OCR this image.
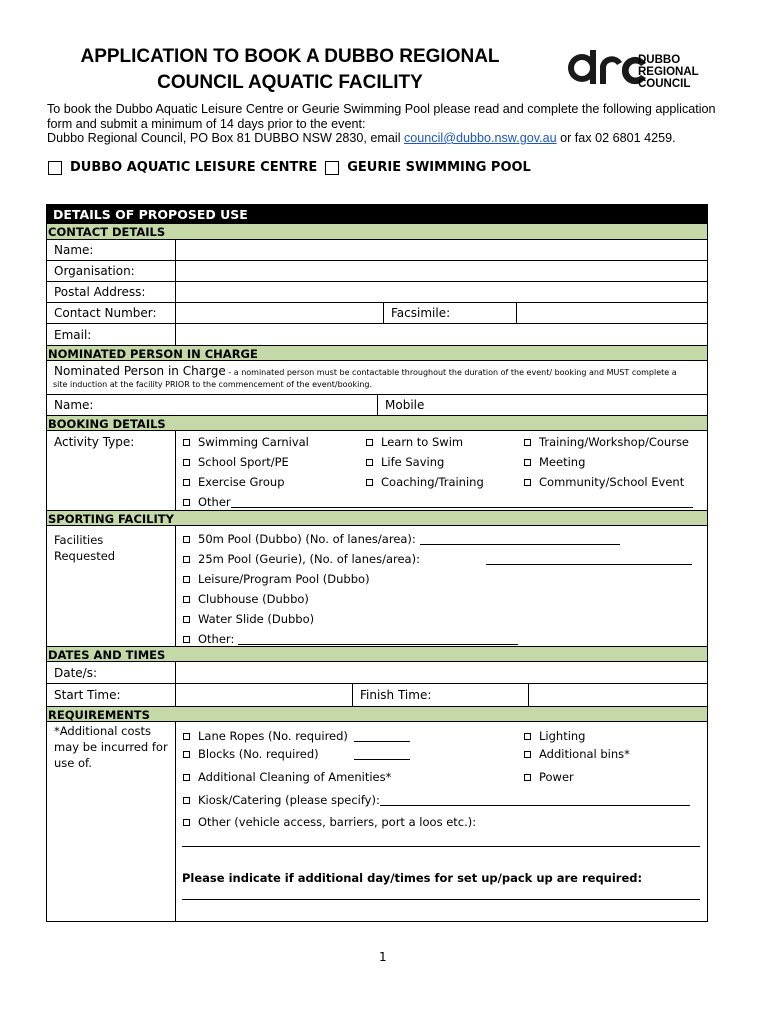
APPLICATION TO BOOK A DUBBO REGIONAL
COUNCIL AQUATIC FACILITY
DUBBO
REGIONAL
COUNCIL
To book the Dubbo Aquatic Leisure Centre or Geurie Swimming Pool please read and complete the following application form and submit a minimum of 14 days prior to the event:
Dubbo Regional Council, PO Box 81 DUBBO NSW 2830, email council@dubbo.nsw.gov.au or fax 02 6801 4259.
DUBBO AQUATIC LEISURE CENTRE GEURIE SWIMMING POOL
DETAILS OF PROPOSED USE
CONTACT DETAILS
Name:
Organisation:
Postal Address:
Contact Number:	Facsimile:
Email:
NOMINATED PERSON IN CHARGE
Nominated Person in Charge - a nominated person must be contactable throughout the duration of the event/ booking and MUST complete a
site induction at the facility PRIOR to the commencement of the event/booking.
Name:	Mobile
BOOKING DETAILS
Activity Type:	Swimming Carnival	Learn to Swim	Training/Workshop/Course
School Sport/PE	Life Saving	Meeting
Exercise Group	Coaching/Training	Community/School Event
Other
SPORTING FACILITY
Facilities
Requested
50m Pool (Dubbo) (No. of lanes/area):
25m Pool (Geurie), (No. of lanes/area):
Leisure/Program Pool (Dubbo)
Clubhouse (Dubbo)
Water Slide (Dubbo)
Other:
DATES AND TIMES
Date/s:
Start Time:	Finish Time:
REQUIREMENTS
*Additional costs
may be incurred for
use of.
Lane Ropes (No. required)	Lighting
Blocks (No. required)	Additional bins*
Additional Cleaning of Amenities*	Power
Kiosk/Catering (please specify):
Other (vehicle access, barriers, port a loos etc.):
Please indicate if additional day/times for set up/pack up are required:
1
